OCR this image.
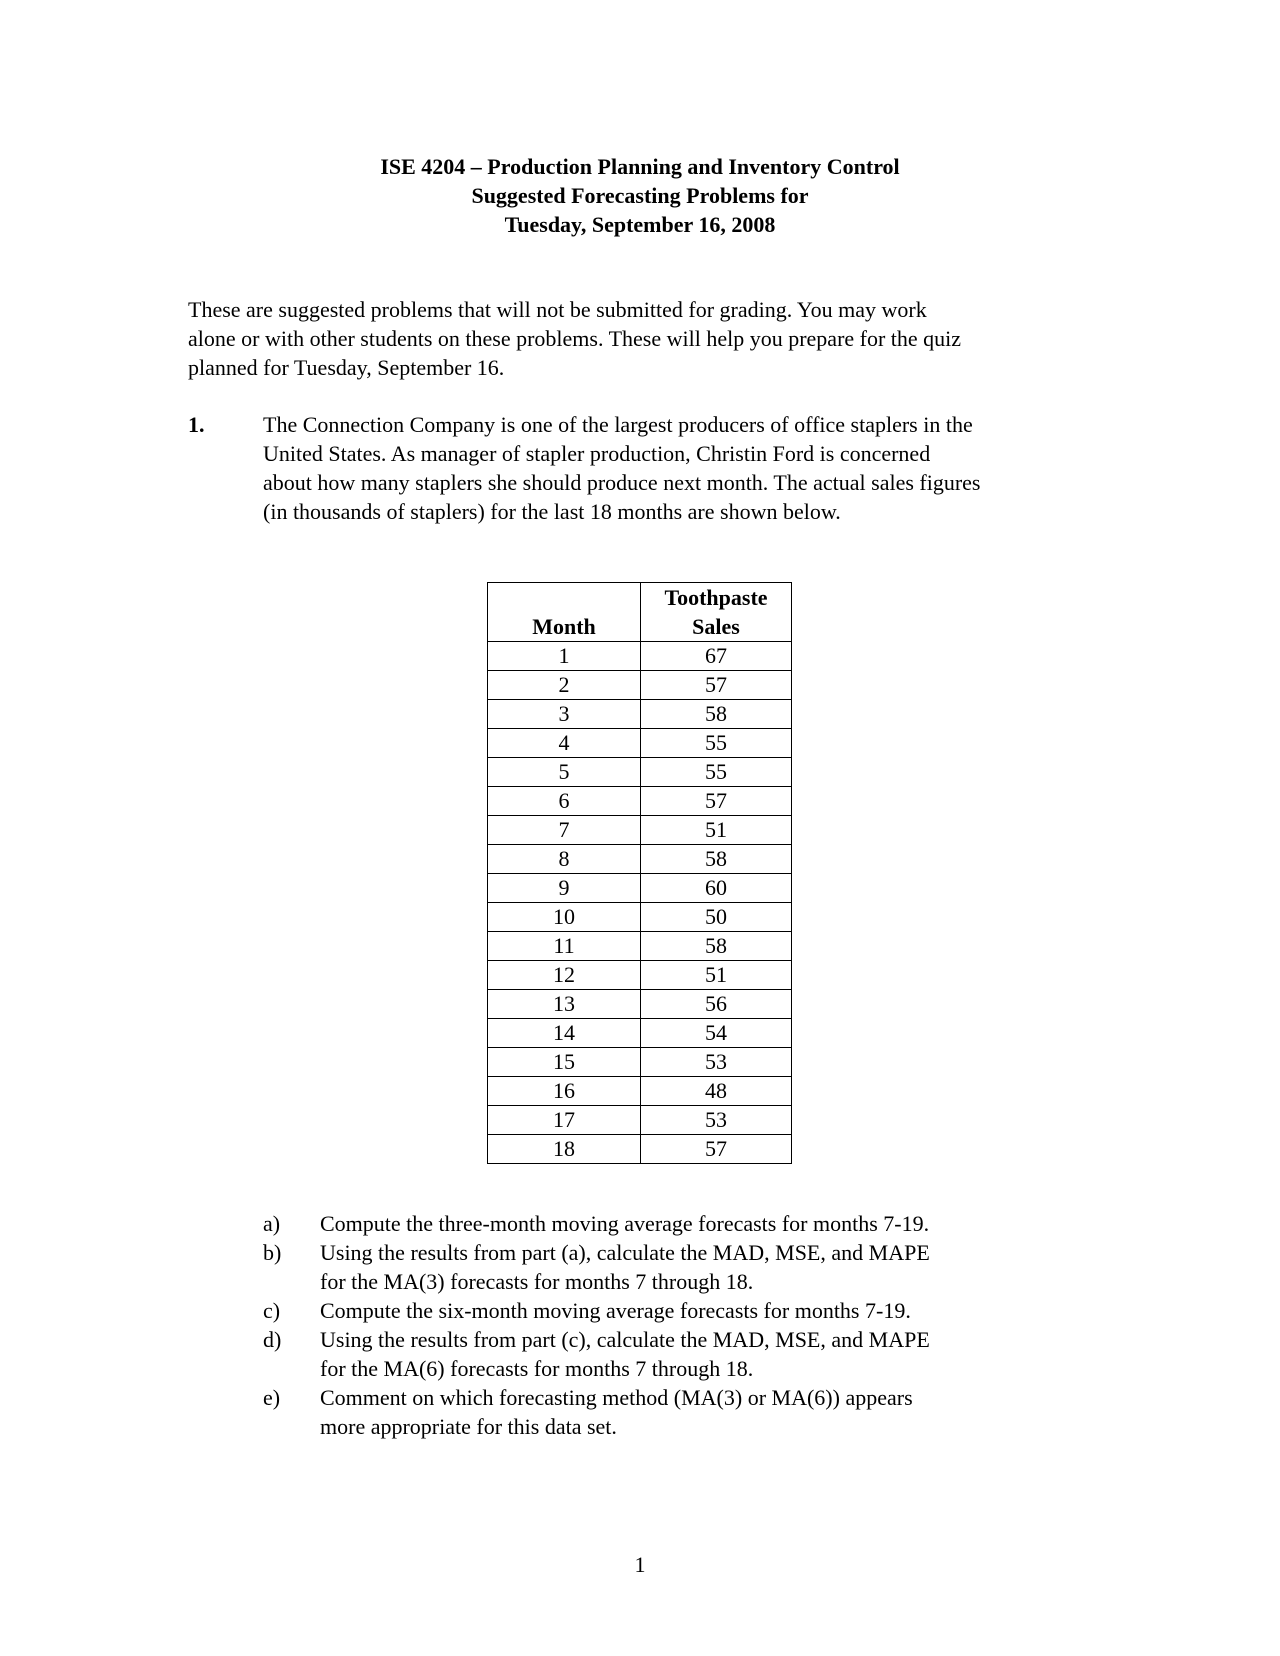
ISE 4204 – Production Planning and Inventory Control
Suggested Forecasting Problems for
Tuesday, September 16, 2008
These are suggested problems that will not be submitted for grading. You may work
alone or with other students on these problems. These will help you prepare for the quiz
planned for Tuesday, September 16.
1.	The Connection Company is one of the largest producers of office staplers in the
United States. As manager of stapler production, Christin Ford is concerned
about how many staplers she should produce next month. The actual sales figures
(in thousands of staplers) for the last 18 months are shown below.
Month	Toothpaste
Sales

1	67
2	57
3	58
4	55
5	55
6	57
7	51
8	58
9	60
10	50
11	58
12	51
13	56
14	54
15	53
16	48
17	53
18	57
a)	Compute the three-month moving average forecasts for months 7-19.
b)	Using the results from part (a), calculate the MAD, MSE, and MAPE
for the MA(3) forecasts for months 7 through 18.
c)	Compute the six-month moving average forecasts for months 7-19.
d)	Using the results from part (c), calculate the MAD, MSE, and MAPE
for the MA(6) forecasts for months 7 through 18.
e)	Comment on which forecasting method (MA(3) or MA(6)) appears
more appropriate for this data set.
1
